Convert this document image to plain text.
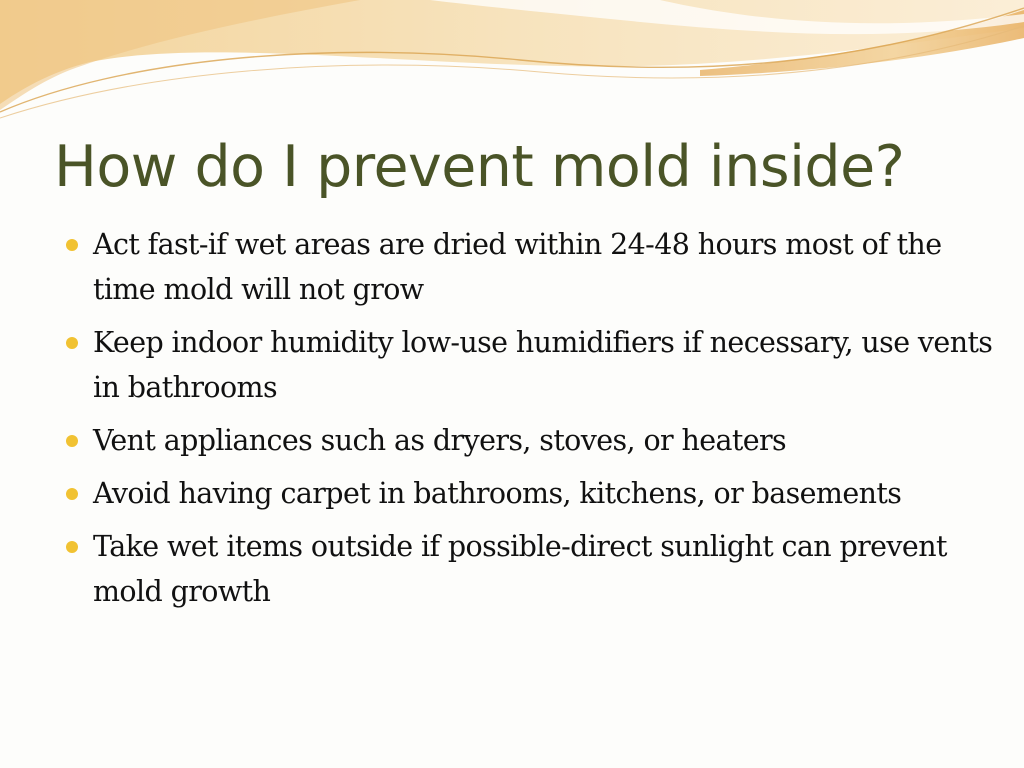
How do I prevent mold inside?
Act fast-if wet areas are dried within 24-48 hours most of the time mold will not grow
Keep indoor humidity low-use humidifiers if necessary, use vents in bathrooms
Vent appliances such as dryers, stoves, or heaters
Avoid having carpet in bathrooms, kitchens, or basements
Take wet items outside if possible-direct sunlight can prevent mold growth
